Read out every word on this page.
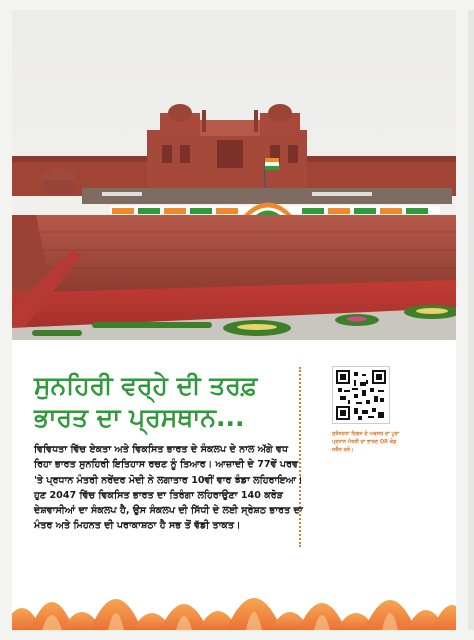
ਸੁਨਹਿਰੀ ਵਰ੍ਹੇ ਦੀ ਤਰਫ਼
ਭਾਰਤ ਦਾ ਪ੍ਰਸਥਾਨ...

ਵਿਵਿਧਤਾ ਵਿੱਚ ਏਕਤਾ ਅਤੇ ਵਿਕਸਿਤ ਭਾਰਤ ਦੇ ਸੰਕਲਪ ਦੇ ਨਾਲ ਅੱਗੇ ਵਧ ਰਿਹਾ ਭਾਰਤ ਸੁਨਹਿਰੀ ਇਤਿਹਾਸ ਰਚਣ ਨੂੰ ਤਿਆਰ। ਆਜ਼ਾਦੀ ਦੇ 77ਵੇਂ ਪਰਵ 'ਤੇ ਪ੍ਰਧਾਨ ਮੰਤਰੀ ਨਰੇਂਦਰ ਮੋਦੀ ਨੇ ਲਗਾਤਾਰ 10ਵੀਂ ਵਾਰ ਝੰਡਾ ਲਹਿਰਾਇਆ। ਹੁਣ 2047 ਵਿੱਚ ਵਿਕਸਿਤ ਭਾਰਤ ਦਾ ਤਿਰੰਗਾ ਲਹਿਰਾਉਣਾ 140 ਕਰੋੜ ਦੇਸ਼ਵਾਸੀਆਂ ਦਾ ਸੰਕਲਪ ਹੈ, ਉਸ ਸੰਕਲਪ ਦੀ ਸਿੱਧੀ ਦੇ ਲਈ ਸ੍ਰੇਸ਼ਠ ਭਾਰਤ ਦਾ ਮੰਤਰ ਅਤੇ ਮਿਹਨਤ ਦੀ ਪਰਾਕਾਸ਼ਠਾ ਹੈ ਸਭ ਤੋਂ ਵੱਡੀ ਤਾਕਤ।

ਸੁਤੰਤਰਤਾ ਦਿਵਸ ਦੇ ਅਵਸਰ ਦਾ ਪੂਰਾ ਪ੍ਰਧਾਨ ਮੰਤਰੀ ਦਾ ਭਾਸ਼ਣ QR ਕੋਡ ਸਕੈਨ ਕਰੋ।
